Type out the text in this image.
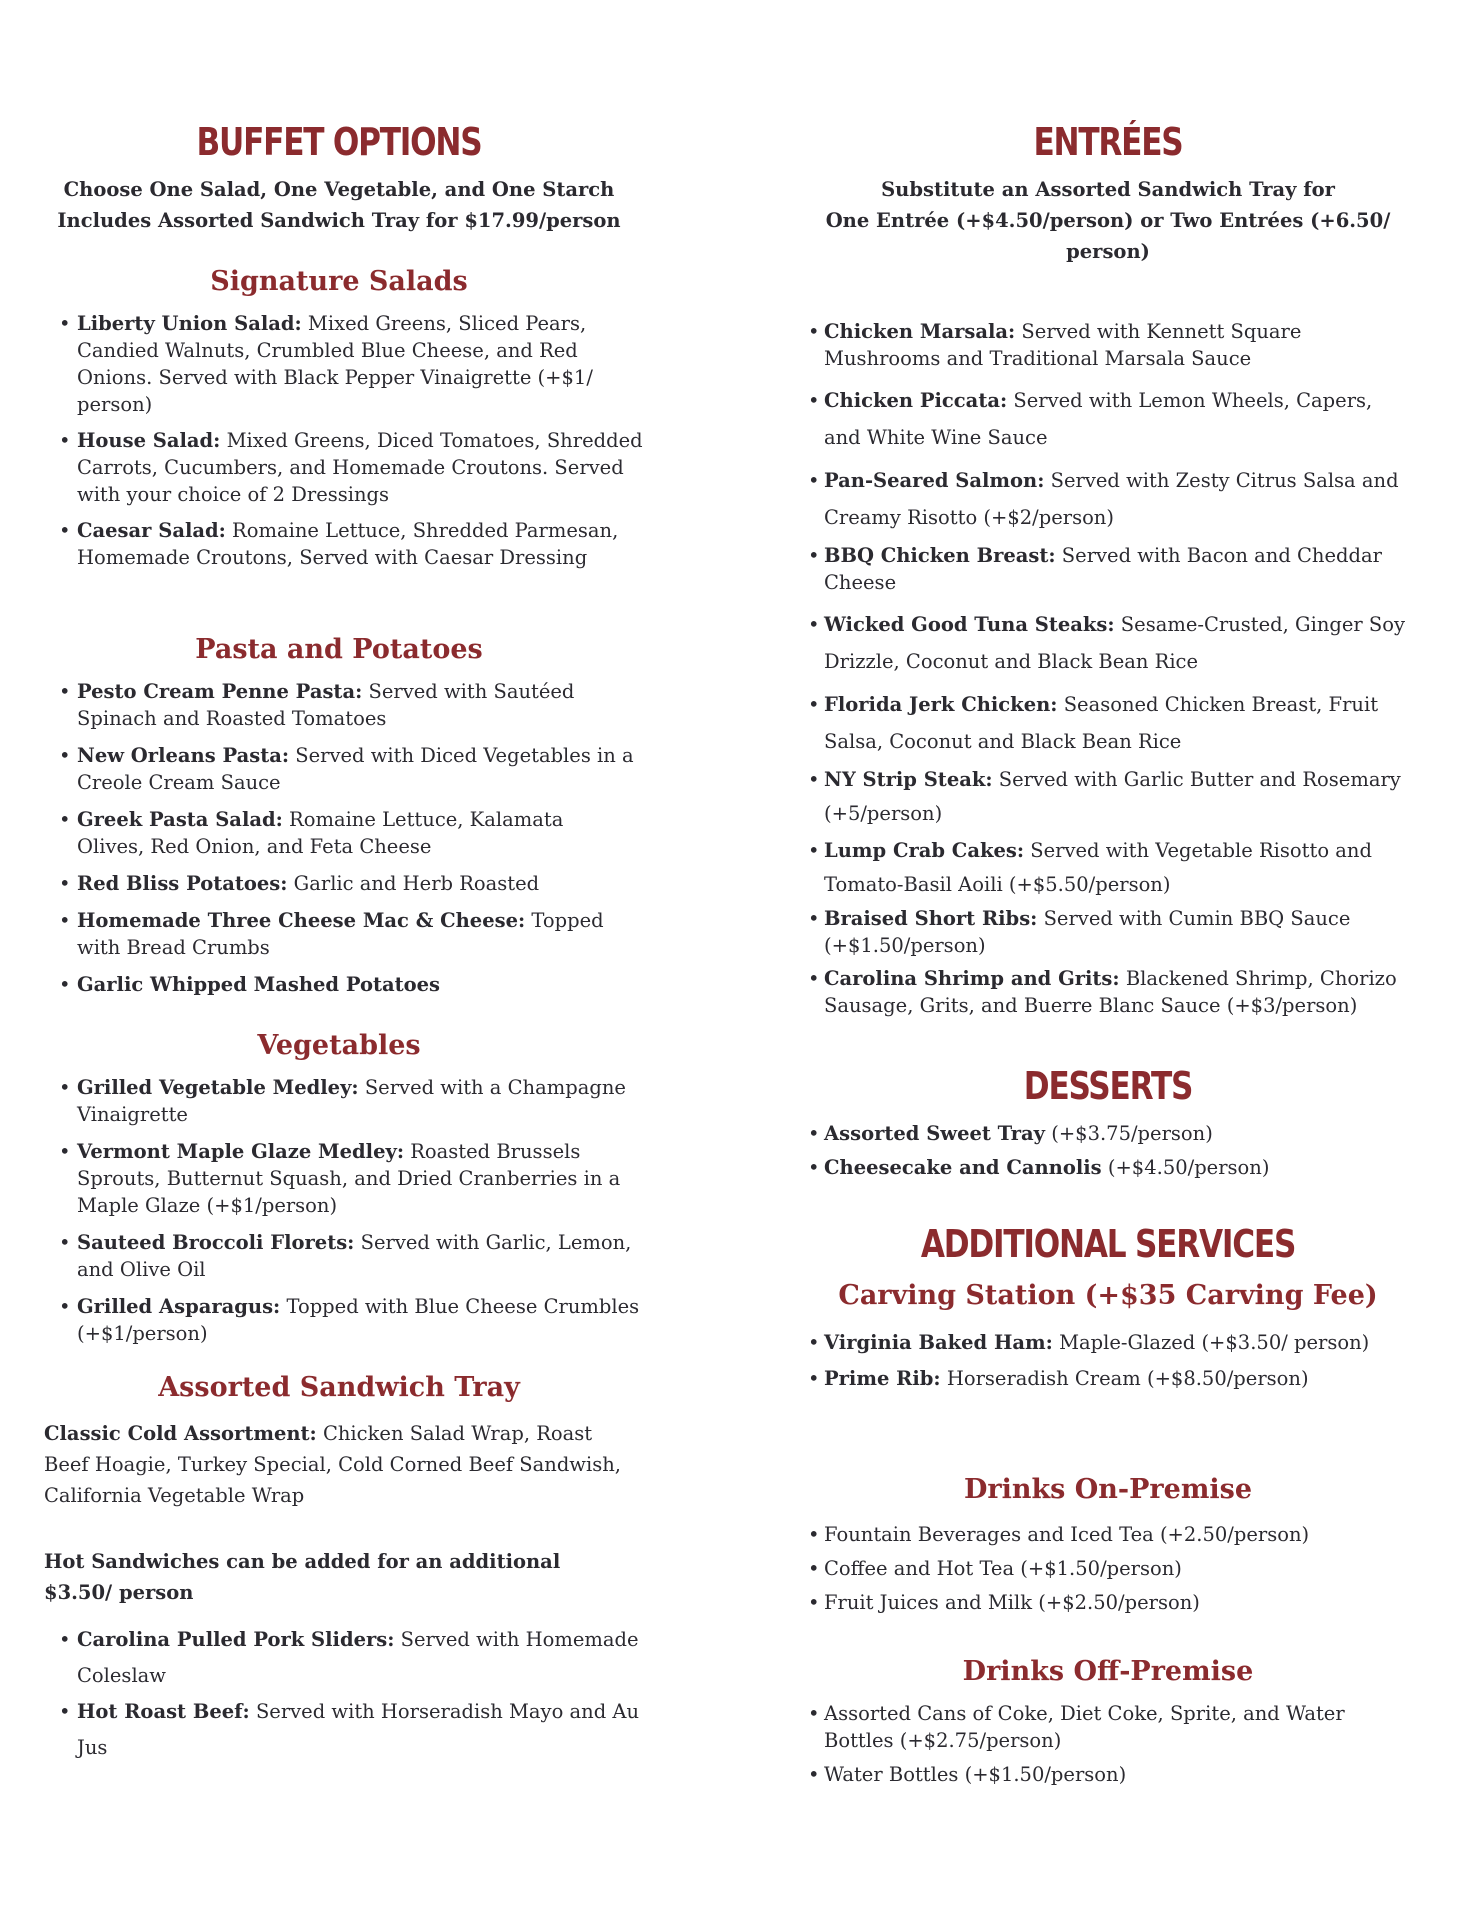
BUFFET OPTIONS
Choose One Salad, One Vegetable, and One Starch
Includes Assorted Sandwich Tray for $17.99/person
Signature Salads
• Liberty Union Salad: Mixed Greens, Sliced Pears, Candied Walnuts, Crumbled Blue Cheese, and Red Onions. Served with Black Pepper Vinaigrette (+$1/ person)
• House Salad: Mixed Greens, Diced Tomatoes, Shredded Carrots, Cucumbers, and Homemade Croutons. Served with your choice of 2 Dressings
• Caesar Salad: Romaine Lettuce, Shredded Parmesan, Homemade Croutons, Served with Caesar Dressing
Pasta and Potatoes
• Pesto Cream Penne Pasta: Served with Sautéed Spinach and Roasted Tomatoes
• New Orleans Pasta: Served with Diced Vegetables in a Creole Cream Sauce
• Greek Pasta Salad: Romaine Lettuce, Kalamata Olives, Red Onion, and Feta Cheese
• Red Bliss Potatoes: Garlic and Herb Roasted
• Homemade Three Cheese Mac & Cheese: Topped with Bread Crumbs
• Garlic Whipped Mashed Potatoes
Vegetables
• Grilled Vegetable Medley: Served with a Champagne Vinaigrette
• Vermont Maple Glaze Medley: Roasted Brussels Sprouts, Butternut Squash, and Dried Cranberries in a Maple Glaze (+$1/person)
• Sauteed Broccoli Florets: Served with Garlic, Lemon, and Olive Oil
• Grilled Asparagus: Topped with Blue Cheese Crumbles (+$1/person)
Assorted Sandwich Tray

Classic Cold Assortment: Chicken Salad Wrap, Roast Beef Hoagie, Turkey Special, Cold Corned Beef Sandwish, California Vegetable Wrap

Hot Sandwiches can be added for an additional $3.50/ person

• Carolina Pulled Pork Sliders: Served with Homemade Coleslaw
• Hot Roast Beef: Served with Horseradish Mayo and Au Jus
ENTRÉES
Substitute an Assorted Sandwich Tray for
One Entrée (+$4.50/person) or Two Entrées (+6.50/
person)
• Chicken Marsala: Served with Kennett Square Mushrooms and Traditional Marsala Sauce
• Chicken Piccata: Served with Lemon Wheels, Capers, and White Wine Sauce
• Pan-Seared Salmon: Served with Zesty Citrus Salsa and Creamy Risotto (+$2/person)
• BBQ Chicken Breast: Served with Bacon and Cheddar Cheese
• Wicked Good Tuna Steaks: Sesame-Crusted, Ginger Soy Drizzle, Coconut and Black Bean Rice
• Florida Jerk Chicken: Seasoned Chicken Breast, Fruit Salsa, Coconut and Black Bean Rice
• NY Strip Steak: Served with Garlic Butter and Rosemary (+5/person)
• Lump Crab Cakes: Served with Vegetable Risotto and Tomato-Basil Aoili (+$5.50/person)
• Braised Short Ribs: Served with Cumin BBQ Sauce (+$1.50/person)
• Carolina Shrimp and Grits: Blackened Shrimp, Chorizo Sausage, Grits, and Buerre Blanc Sauce (+$3/person)
DESSERTS
• Assorted Sweet Tray (+$3.75/person)
• Cheesecake and Cannolis (+$4.50/person)
ADDITIONAL SERVICES
Carving Station (+$35 Carving Fee)
• Virginia Baked Ham: Maple-Glazed (+$3.50/ person)
• Prime Rib: Horseradish Cream (+$8.50/person)
Drinks On-Premise
• Fountain Beverages and Iced Tea (+2.50/person)
• Coffee and Hot Tea (+$1.50/person)
• Fruit Juices and Milk (+$2.50/person)
Drinks Off-Premise
• Assorted Cans of Coke, Diet Coke, Sprite, and Water Bottles (+$2.75/person)
• Water Bottles (+$1.50/person)
